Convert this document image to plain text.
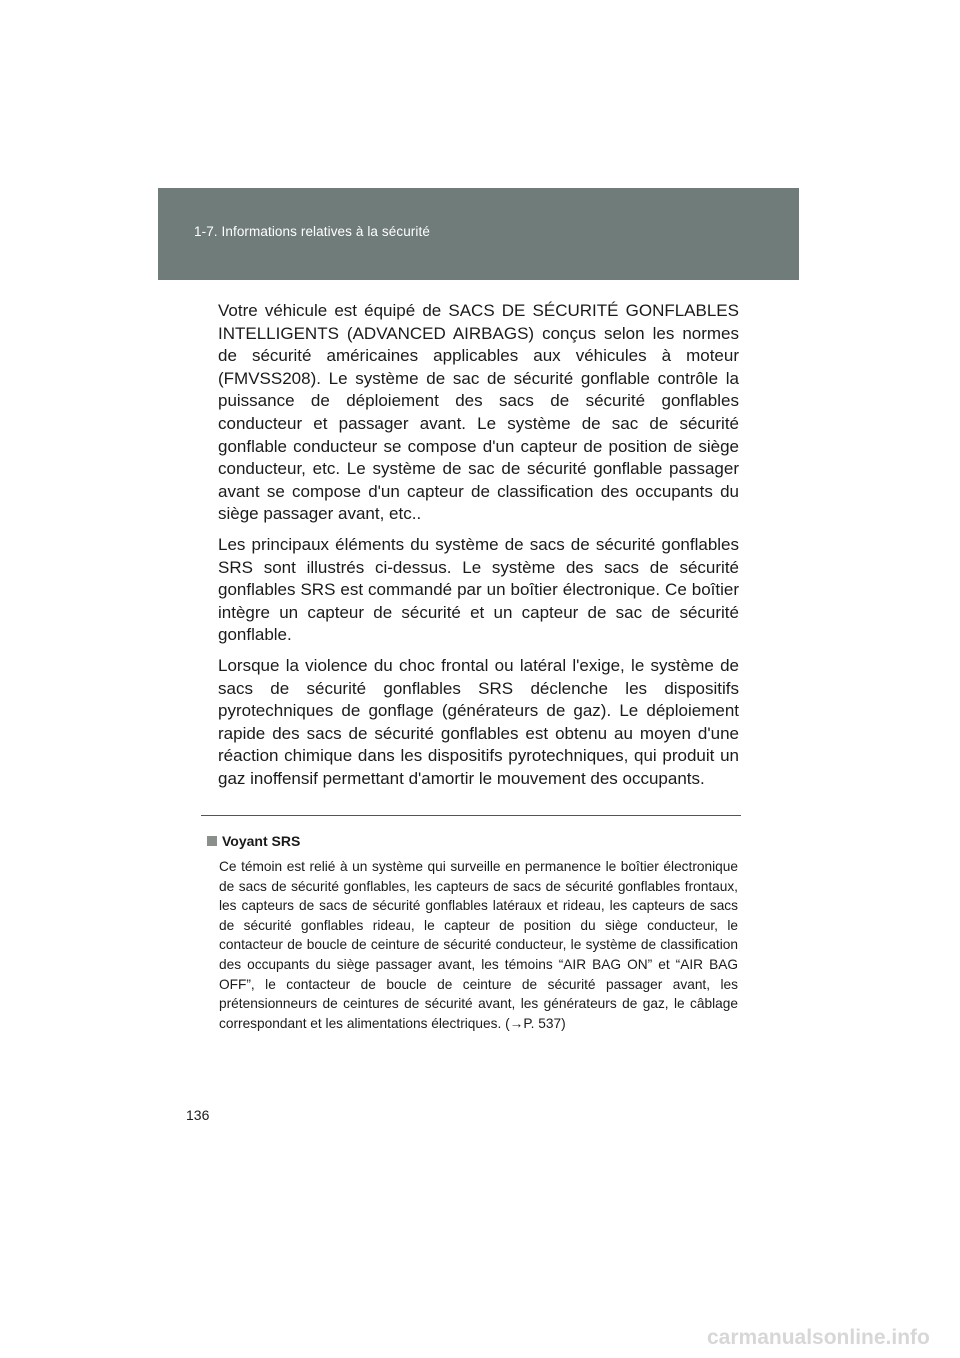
1-7. Informations relatives à la sécurité

Votre véhicule est équipé de SACS DE SÉCURITÉ GONFLABLES INTELLIGENTS (ADVANCED AIRBAGS) conçus selon les normes de sécurité américaines applicables aux véhicules à moteur (FMVSS208). Le système de sac de sécurité gonflable contrôle la puissance de déploiement des sacs de sécurité gonflables conducteur et passager avant. Le système de sac de sécurité gonflable conducteur se compose d'un capteur de position de siège conducteur, etc. Le système de sac de sécurité gonflable passager avant se compose d'un capteur de classification des occupants du siège passager avant, etc..

Les principaux éléments du système de sacs de sécurité gonflables SRS sont illustrés ci-dessus. Le système des sacs de sécurité gonflables SRS est commandé par un boîtier électronique. Ce boîtier intègre un capteur de sécurité et un capteur de sac de sécurité gonflable.

Lorsque la violence du choc frontal ou latéral l'exige, le système de sacs de sécurité gonflables SRS déclenche les dispositifs pyrotechniques de gonflage (générateurs de gaz). Le déploiement rapide des sacs de sécurité gonflables est obtenu au moyen d'une réaction chimique dans les dispositifs pyrotechniques, qui produit un gaz inoffensif permettant d'amortir le mouvement des occupants.

Voyant SRS

Ce témoin est relié à un système qui surveille en permanence le boîtier électronique de sacs de sécurité gonflables, les capteurs de sacs de sécurité gonflables frontaux, les capteurs de sacs de sécurité gonflables latéraux et rideau, les capteurs de sacs de sécurité gonflables rideau, le capteur de position du siège conducteur, le contacteur de boucle de ceinture de sécurité conducteur, le système de classification des occupants du siège passager avant, les témoins “AIR BAG ON” et “AIR BAG OFF”, le contacteur de boucle de ceinture de sécurité passager avant, les prétensionneurs de ceintures de sécurité avant, les générateurs de gaz, le câblage correspondant et les alimentations électriques. (→P. 537)

136
carmanualsonline.info
